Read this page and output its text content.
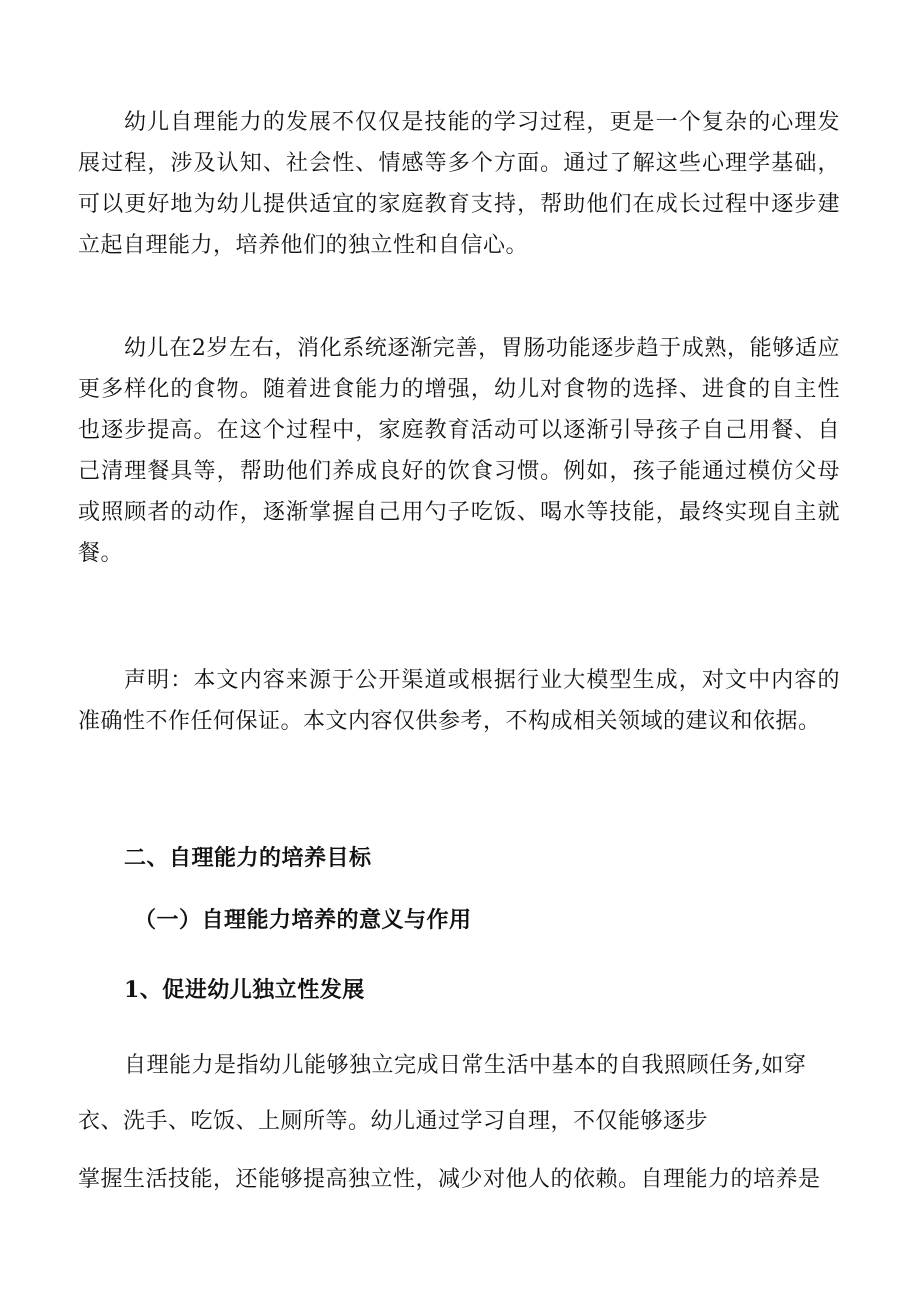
幼儿自理能力的发展不仅仅是技能的学习过程，更是一个复杂的心理发展过程，涉及认知、社会性、情感等多个方面。通过了解这些心理学基础，可以更好地为幼儿提供适宜的家庭教育支持，帮助他们在成长过程中逐步建立起自理能力，培养他们的独立性和自信心。

幼儿在2岁左右，消化系统逐渐完善，胃肠功能逐步趋于成熟，能够适应更多样化的食物。随着进食能力的增强，幼儿对食物的选择、进食的自主性也逐步提高。在这个过程中，家庭教育活动可以逐渐引导孩子自己用餐、自己清理餐具等，帮助他们养成良好的饮食习惯。例如，孩子能通过模仿父母或照顾者的动作，逐渐掌握自己用勺子吃饭、喝水等技能，最终实现自主就餐。

声明：本文内容来源于公开渠道或根据行业大模型生成，对文中内容的准确性不作任何保证。本文内容仅供参考，不构成相关领域的建议和依据。

二、自理能力的培养目标
（一）自理能力培养的意义与作用
1、促进幼儿独立性发展
自理能力是指幼儿能够独立完成日常生活中基本的自我照顾任务,如穿
衣、洗手、吃饭、上厕所等。幼儿通过学习自理，不仅能够逐步
掌握生活技能，还能够提高独立性，减少对他人的依赖。自理能力的培养是
